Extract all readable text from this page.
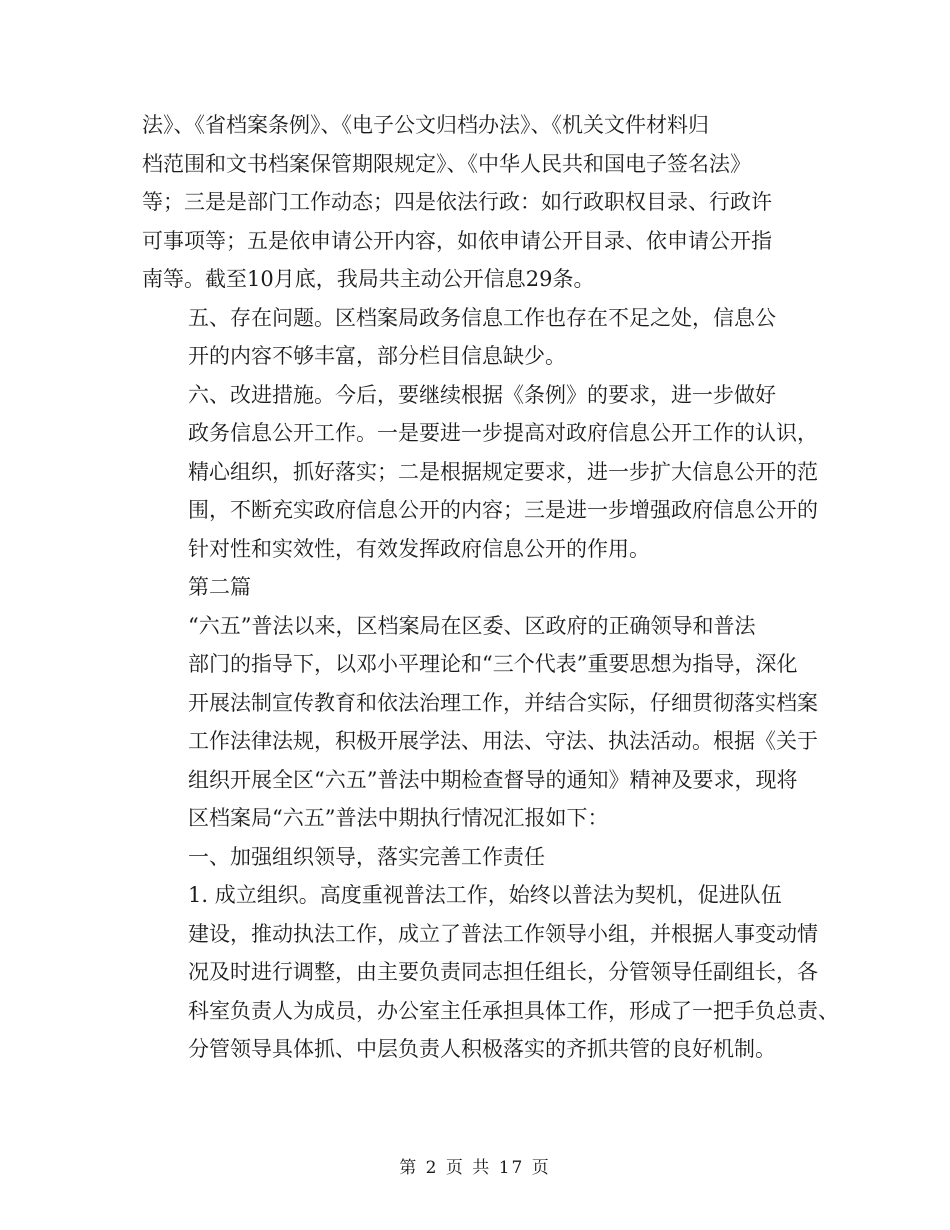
法》、《省档案条例》、《电子公文归档办法》、《机关文件材料归
档范围和文书档案保管期限规定》、《中华人民共和国电子签名法》
等；三是是部门工作动态；四是依法行政：如行政职权目录、行政许
可事项等；五是依申请公开内容，如依申请公开目录、依申请公开指
南等。截至10月底，我局共主动公开信息29条。
五、存在问题。区档案局政务信息工作也存在不足之处，信息公
开的内容不够丰富，部分栏目信息缺少。
六、改进措施。今后，要继续根据《条例》的要求，进一步做好
政务信息公开工作。一是要进一步提高对政府信息公开工作的认识，
精心组织，抓好落实；二是根据规定要求，进一步扩大信息公开的范
围，不断充实政府信息公开的内容；三是进一步增强政府信息公开的
针对性和实效性，有效发挥政府信息公开的作用。
第二篇
“六五”普法以来，区档案局在区委、区政府的正确领导和普法
部门的指导下，以邓小平理论和“三个代表”重要思想为指导，深化
开展法制宣传教育和依法治理工作，并结合实际，仔细贯彻落实档案
工作法律法规，积极开展学法、用法、守法、执法活动。根据《关于
组织开展全区“六五”普法中期检查督导的通知》精神及要求，现将
区档案局“六五”普法中期执行情况汇报如下：
一、加强组织领导，落实完善工作责任
1. 成立组织。高度重视普法工作，始终以普法为契机，促进队伍
建设，推动执法工作，成立了普法工作领导小组，并根据人事变动情
况及时进行调整，由主要负责同志担任组长，分管领导任副组长，各
科室负责人为成员，办公室主任承担具体工作，形成了一把手负总责、
分管领导具体抓、中层负责人积极落实的齐抓共管的良好机制。
第 2 页 共 17 页
